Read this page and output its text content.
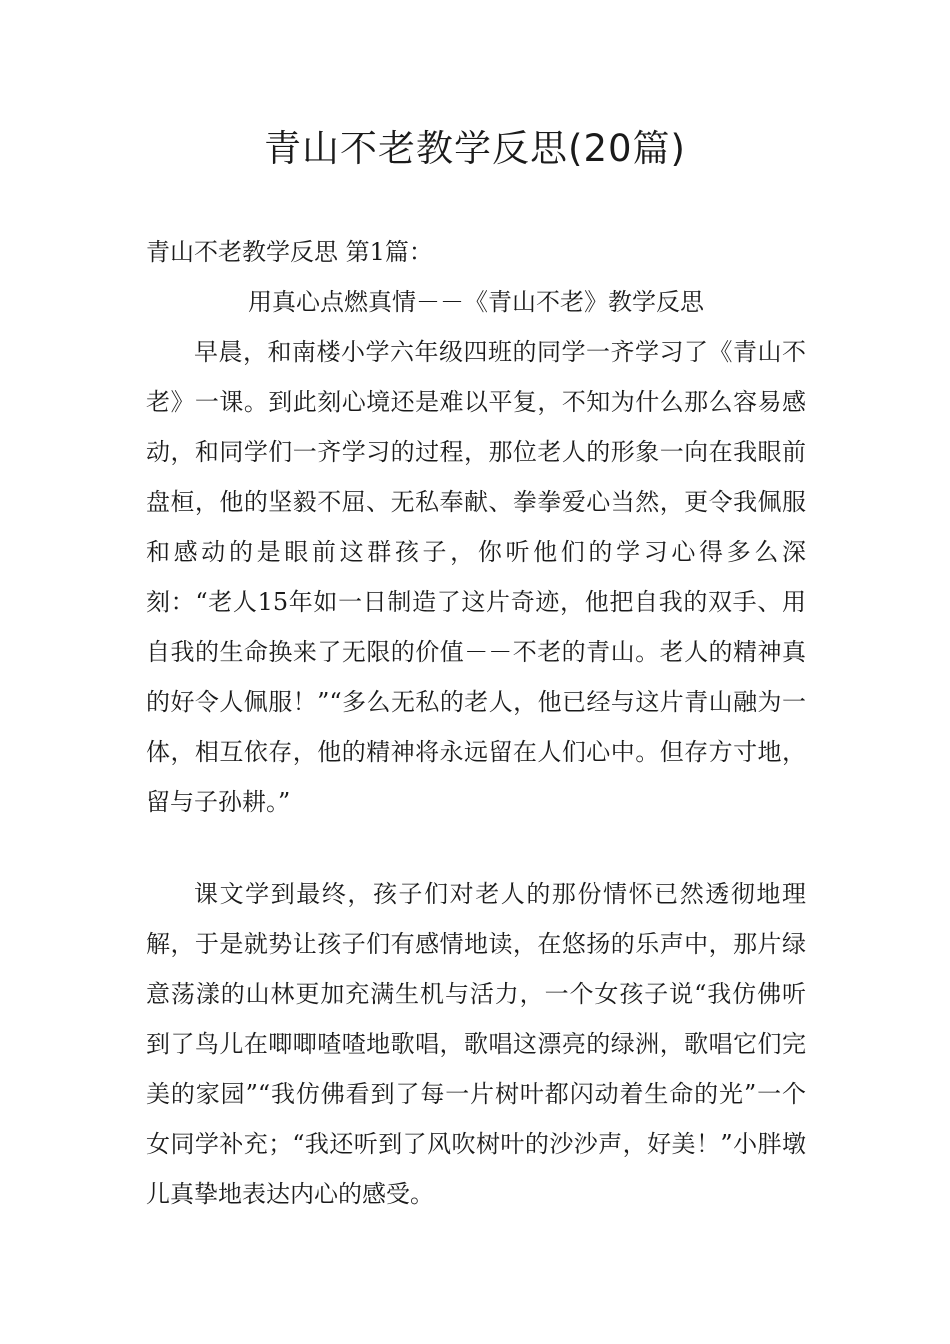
青山不老教学反思(20篇)

青山不老教学反思 第1篇：

用真心点燃真情－－《青山不老》教学反思

早晨，和南楼小学六年级四班的同学一齐学习了《青山不老》一课。到此刻心境还是难以平复，不知为什么那么容易感动，和同学们一齐学习的过程，那位老人的形象一向在我眼前盘桓，他的坚毅不屈、无私奉献、拳拳爱心当然，更令我佩服和感动的是眼前这群孩子，你听他们的学习心得多么深刻：“老人15年如一日制造了这片奇迹，他把自我的双手、用自我的生命换来了无限的价值－－不老的青山。老人的精神真的好令人佩服！”“多么无私的老人，他已经与这片青山融为一体，相互依存，他的精神将永远留在人们心中。但存方寸地，留与子孙耕。”

课文学到最终，孩子们对老人的那份情怀已然透彻地理解，于是就势让孩子们有感情地读，在悠扬的乐声中，那片绿意荡漾的山林更加充满生机与活力，一个女孩子说“我仿佛听到了鸟儿在唧唧喳喳地歌唱，歌唱这漂亮的绿洲，歌唱它们完美的家园”“我仿佛看到了每一片树叶都闪动着生命的光”一个女同学补充；“我还听到了风吹树叶的沙沙声，好美！”小胖墩儿真挚地表达内心的感受。
